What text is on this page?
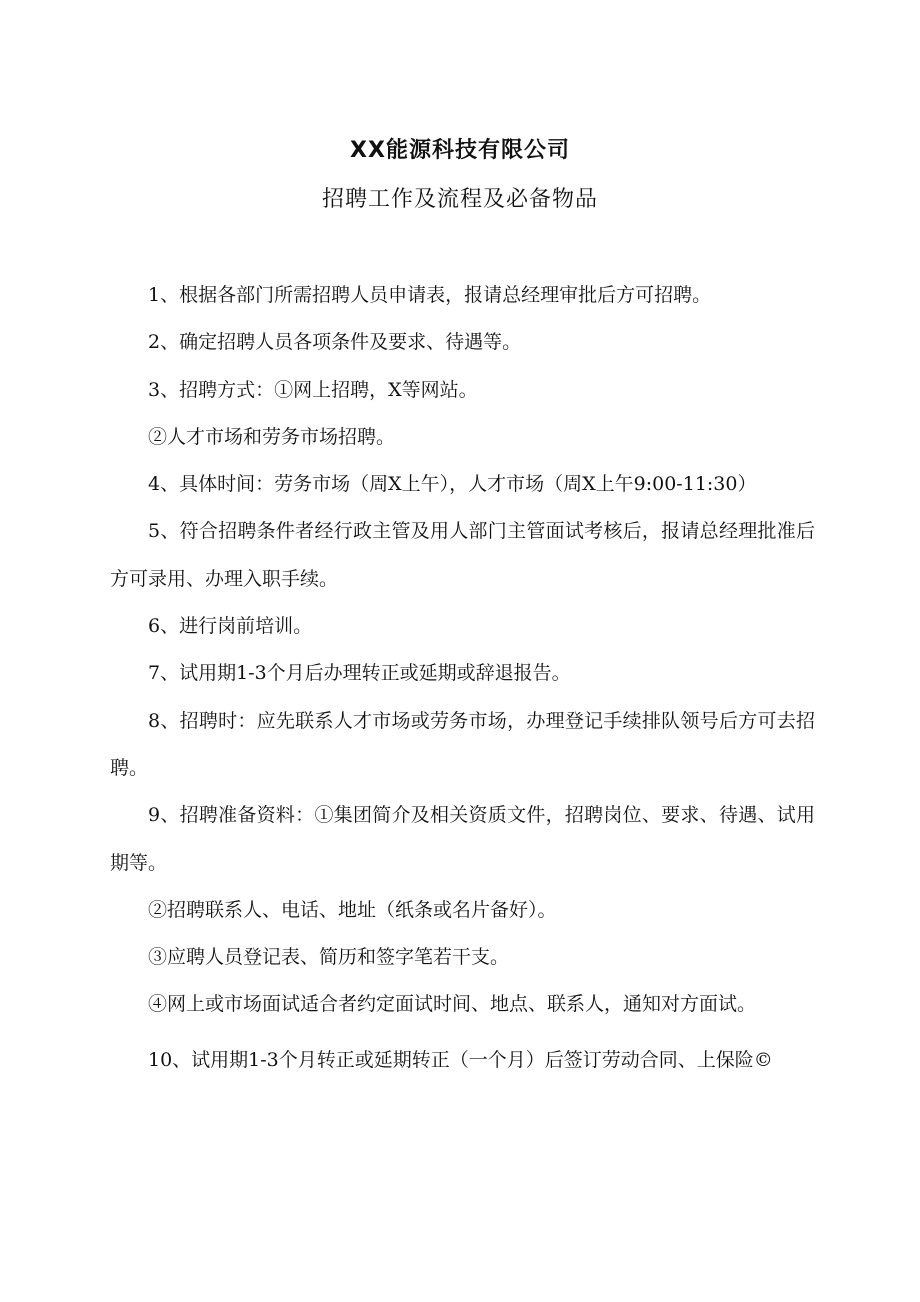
XX能源科技有限公司
招聘工作及流程及必备物品

1、根据各部门所需招聘人员申请表，报请总经理审批后方可招聘。

2、确定招聘人员各项条件及要求、待遇等。

3、招聘方式：①网上招聘，X等网站。

②人才市场和劳务市场招聘。

4、具体时间：劳务市场（周X上午），人才市场（周X上午9:00-11:30）

5、符合招聘条件者经行政主管及用人部门主管面试考核后，报请总经理批准后方可录用、办理入职手续。

6、进行岗前培训。

7、试用期1-3个月后办理转正或延期或辞退报告。

8、招聘时：应先联系人才市场或劳务市场，办理登记手续排队领号后方可去招聘。

9、招聘准备资料：①集团简介及相关资质文件，招聘岗位、要求、待遇、试用期等。

②招聘联系人、电话、地址（纸条或名片备好）。

③应聘人员登记表、简历和签字笔若干支。

④网上或市场面试适合者约定面试时间、地点、联系人，通知对方面试。

10、试用期1-3个月转正或延期转正（一个月）后签订劳动合同、上保险©
